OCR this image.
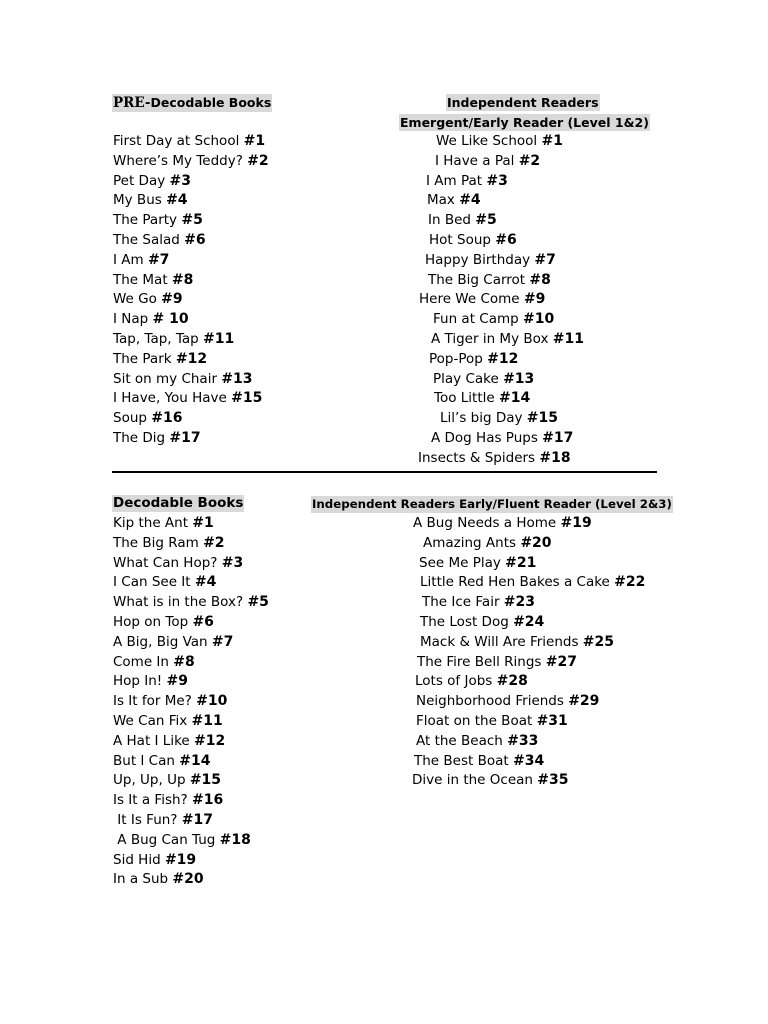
PRE-Decodable Books	Independent Readers
Emergent/Early Reader (Level 1&2)
First Day at School #1
Where’s My Teddy? #2
Pet Day #3
My Bus #4
The Party #5
The Salad #6
I Am #7
The Mat #8
We Go #9
I Nap # 10
Tap, Tap, Tap #11
The Park #12
Sit on my Chair #13
I Have, You Have #15
Soup #16
The Dig #17
We Like School #1
I Have a Pal #2
I Am Pat #3
Max #4
In Bed #5
Hot Soup #6
Happy Birthday #7
The Big Carrot #8
Here We Come #9
Fun at Camp #10
A Tiger in My Box #11
Pop-Pop #12
Play Cake #13
Too Little #14
Lil’s big Day #15
A Dog Has Pups #17
Insects & Spiders #18
Decodable Books	Independent Readers Early/Fluent Reader (Level 2&3)
Kip the Ant #1
The Big Ram #2
What Can Hop? #3
I Can See It #4
What is in the Box? #5
Hop on Top #6
A Big, Big Van #7
Come In #8
Hop In! #9
Is It for Me? #10
We Can Fix #11
A Hat I Like #12
But I Can #14
Up, Up, Up #15
Is It a Fish? #16
It Is Fun? #17
A Bug Can Tug #18
Sid Hid #19
In a Sub #20
A Bug Needs a Home #19
Amazing Ants #20
See Me Play #21
Little Red Hen Bakes a Cake #22
The Ice Fair #23
The Lost Dog #24
Mack & Will Are Friends #25
The Fire Bell Rings #27
Lots of Jobs #28
Neighborhood Friends #29
Float on the Boat #31
At the Beach #33
The Best Boat #34
Dive in the Ocean #35
